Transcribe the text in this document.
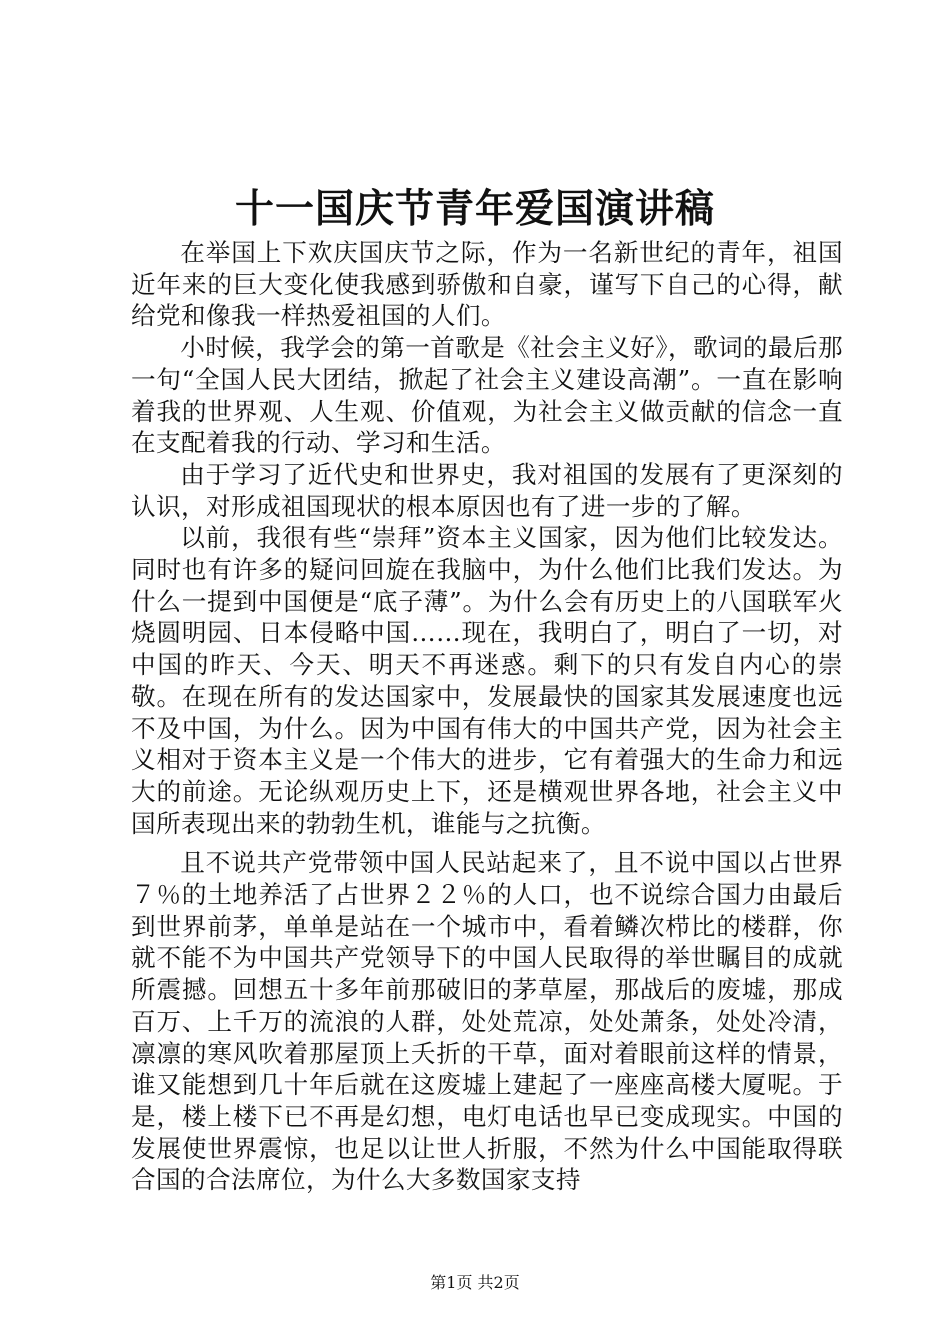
十一国庆节青年爱国演讲稿

在举国上下欢庆国庆节之际，作为一名新世纪的青年，祖国近年来的巨大变化使我感到骄傲和自豪，谨写下自己的心得，献给党和像我一样热爱祖国的人们。

小时候，我学会的第一首歌是《社会主义好》，歌词的最后那一句“全国人民大团结，掀起了社会主义建设高潮”。一直在影响着我的世界观、人生观、价值观，为社会主义做贡献的信念一直在支配着我的行动、学习和生活。

由于学习了近代史和世界史，我对祖国的发展有了更深刻的认识，对形成祖国现状的根本原因也有了进一步的了解。

以前，我很有些“崇拜”资本主义国家，因为他们比较发达。同时也有许多的疑问回旋在我脑中，为什么他们比我们发达。为什么一提到中国便是“底子薄”。为什么会有历史上的八国联军火烧圆明园、日本侵略中国……现在，我明白了，明白了一切，对中国的昨天、今天、明天不再迷惑。剩下的只有发自内心的崇敬。在现在所有的发达国家中，发展最快的国家其发展速度也远不及中国，为什么。因为中国有伟大的中国共产党，因为社会主义相对于资本主义是一个伟大的进步，它有着强大的生命力和远大的前途。无论纵观历史上下，还是横观世界各地，社会主义中国所表现出来的勃勃生机，谁能与之抗衡。

且不说共产党带领中国人民站起来了，且不说中国以占世界７％的土地养活了占世界２２％的人口，也不说综合国力由最后到世界前茅，单单是站在一个城市中，看着鳞次栉比的楼群，你就不能不为中国共产党领导下的中国人民取得的举世瞩目的成就所震撼。回想五十多年前那破旧的茅草屋，那战后的废墟，那成百万、上千万的流浪的人群，处处荒凉，处处萧条，处处冷清，凛凛的寒风吹着那屋顶上夭折的干草，面对着眼前这样的情景，谁又能想到几十年后就在这废墟上建起了一座座高楼大厦呢。于是，楼上楼下已不再是幻想，电灯电话也早已变成现实。中国的发展使世界震惊，也足以让世人折服，不然为什么中国能取得联合国的合法席位，为什么大多数国家支持

第1页 共2页
